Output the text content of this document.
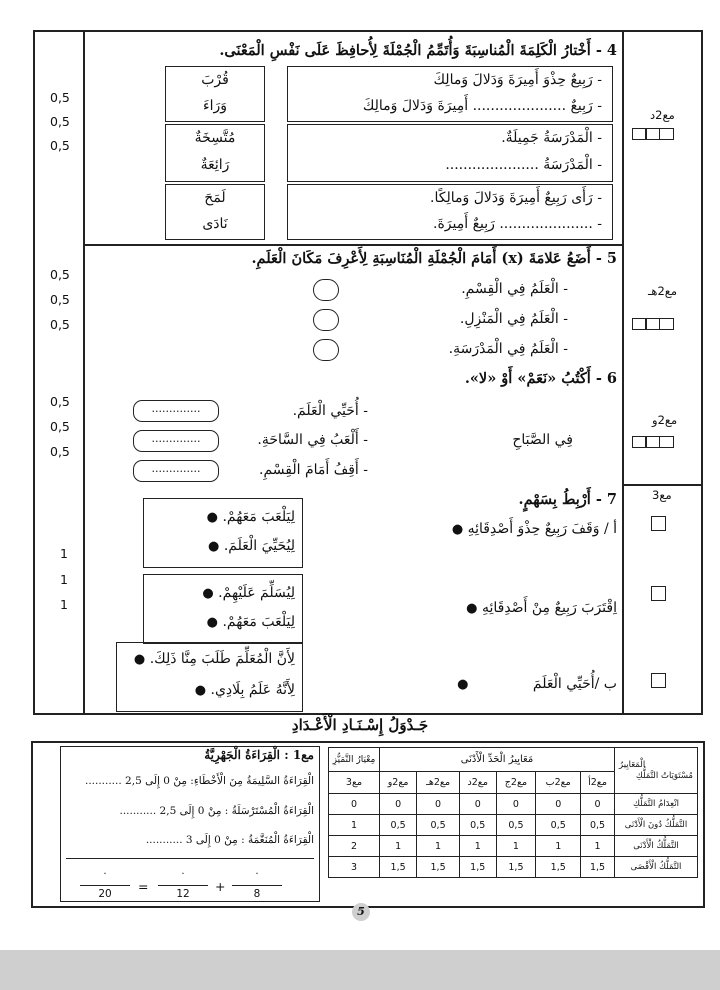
4 - أَخْتارُ الْكَلِمَةَ الْمُناسِبَةَ وَأُتَمِّمُ الْجُمْلَةَ لِأُحافِظَ عَلَى نَفْسِ الْمَعْنَى.
- رَبِيعٌ حِذْوَ أَمِيرَةَ وَدَلالَ وَمالِكَ
- رَبِيعٌ ..................... أَمِيرَةَ وَدَلالَ وَمالِكَ
- الْمَدْرَسَةُ جَمِيلَةٌ.
- الْمَدْرَسَةُ .....................
- رَأَى رَبِيعٌ أَمِيرَةَ وَدَلالَ وَمالِكًا.
- ..................... رَبِيعٌ أَمِيرَةَ.
قُرْبَ
وَرَاءَ
مُتَّسِخَةٌ
رَائِعَةٌ
لَمَحَ
نَادَى
0,5
0,5
0,5
مع2د
5 - أَضَعُ عَلامَةَ (x) أَمَامَ الْجُمْلَةِ الْمُنَاسِبَةِ لِأَعْرِفَ مَكَانَ الْعَلَمِ.
- الْعَلَمُ فِي الْقِسْمِ.
- الْعَلَمُ فِي الْمَنْزِلِ.
- الْعَلَمُ فِي الْمَدْرَسَةِ.
0,5
0,5
0,5
مع2هـ
6 - أَكْتُبُ «نَعَمْ» أَوْ «لا».
فِي الصَّبَاحِ
- أُحَيِّي الْعَلَمَ.
- أَلْعَبُ فِي السَّاحَةِ.
- أَقِفُ أَمَامَ الْقِسْمِ.
..............
..............
..............
0,5
0,5
0,5
مع2و
7 - أَرْبِطُ بِسَهْمٍ.	مع3
أ / وَقَفَ رَبِيعٌ حِذْوَ أَصْدِقَائِهِ ●
لِيَلْعَبَ مَعَهُمْ. ●
لِيُحَيِّيَ الْعَلَمَ. ●
اِقْتَرَبَ رَبِيعٌ مِنْ أَصْدِقَائِهِ ●
لِيُسَلِّمَ عَلَيْهِمْ. ●
لِيَلْعَبَ مَعَهُمْ. ●
ب /أُحَيِّي الْعَلَمَ ●
لِأَنَّ الْمُعَلِّمَ طَلَبَ مِنَّا ذَلِكَ. ●
لِأَنَّهُ عَلَمُ بِلَادِي. ●
1
1
1
جَـدْوَلُ إِسْـنَـادِ الْأَعْـدَادِ
مع1 : الْقِرَاءَةُ الْجَهْرِيَّةُ
الْقِرَاءَةُ السَّلِيمَةُ مِنَ الْأَخْطَاءِ: مِنْ 0 إِلَى 2,5 ...........
الْقِرَاءَةُ الْمُسْتَرْسَلَةُ : مِنْ 0 إِلَى 2,5 ...........
الْقِرَاءَةُ الْمُنَغَّمَةُ : مِنْ 0 إِلَى 3 ...........
.
20	=
.
12	+
.
8
مِعْيَارُ التَّمَيُّزِ	مَعَايِيرُ الْحَدِّ الْأَدْنَى						الْمَعَايِيرُ
مُسْتَوَيَاتُ التَّمَلُّكِ

مع3	مع2و	مع2هـ	مع2د	مع2ج	مع2ب	مع2أ	
0	0	0	0	0	0	0	انْعِدَامُ التَّمَلُّكِ
1	0,5	0,5	0,5	0,5	0,5	0,5	التَّمَلُّكُ دُونَ الْأَدْنَى
2	1	1	1	1	1	1	التَّمَلُّكُ الْأَدْنَى
3	1,5	1,5	1,5	1,5	1,5	1,5	التَّمَلُّكُ الْأَقْصَى
5
